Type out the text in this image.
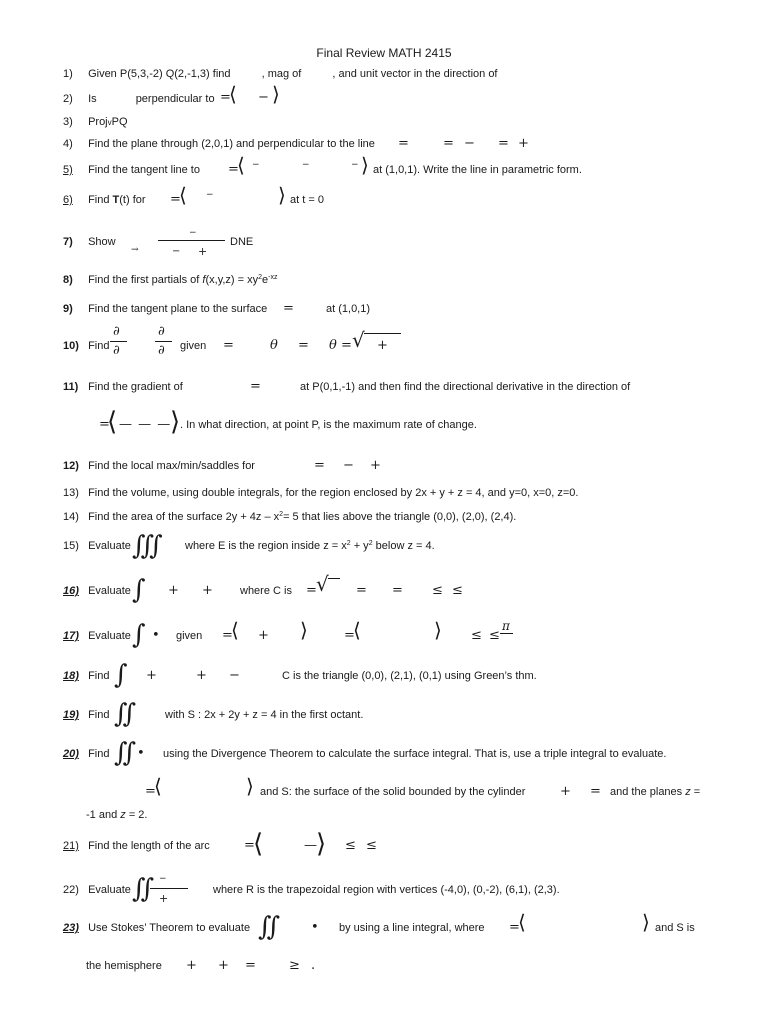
Final Review MATH 2415
1) Given P(5,3,-2) Q(2,-1,3) find	, mag of	, and unit vector in the direction of
2) Is	perpendicular to =
⟨ − ⟩
3) ProjvPQ
4) Find the plane through (2,0,1) and perpendicular to the line =	= − = +
5) Find the tangent line to =
⟨ −	−	− ⟩ at (1,0,1). Write the line in parametric form.
6) Find T(t) for =
⟨ −	⟩ at t = 0
7) Show
−
− +
→
DNE
8) Find the first partials of $f(x,y,z) = xy^2e^{-xz}$
9) Find the tangent plane to the surface =	at (1,0,1)
10) Find
∂
∂
∂
∂ given =	θ = θ = √ +
11) Find the gradient of	=	at P(0,1,-1) and then find the directional derivative in the direction of
=
⟨ — — —
⟩ . In what direction, at point P, is the maximum rate of change.
12) Find the local max/min/saddles for	= − +
13) Find the volume, using double integrals, for the region enclosed by 2x + y + z = 4, and y=0, x=0, z=0.
14) Find the area of the surface $2y + 4z - x^2= 5$ that lies above the triangle (0,0), (2,0), (2,4).
15) Evaluate ∭ where E is the region inside $z = x^2 + y^2$ below z = 4.
16) Evaluate ∫ + + where C is = √ = = ≤ ≤
17) Evaluate ∫ • given =
⟨ + ⟩	=
⟨	⟩ ≤ ≤
π
18) Find ∫ +	+ −	C is the triangle (0,0), (2,1), (0,1) using Green’s thm.
19) Find ∬	with S : 2x + 2y + z = 4 in the first octant.
20) Find ∬ • using the Divergence Theorem to calculate the surface integral. That is, use a triple integral to evaluate.
=
⟨	⟩ and S: the surface of the solid bounded by the cylinder	+ = and the planes z =
-1 and z = 2.
21) Find the length of the arc	=
⟨	— ⟩ ≤ ≤
22) Evaluate ∬ −
+
where R is the trapezoidal region with vertices (-4,0), (0,-2), (6,1), (2,3).
23) Use Stokes’ Theorem to evaluate ∬ • by using a line integral, where =
⟨	⟩ and S is
the hemisphere + + =	≥ .
